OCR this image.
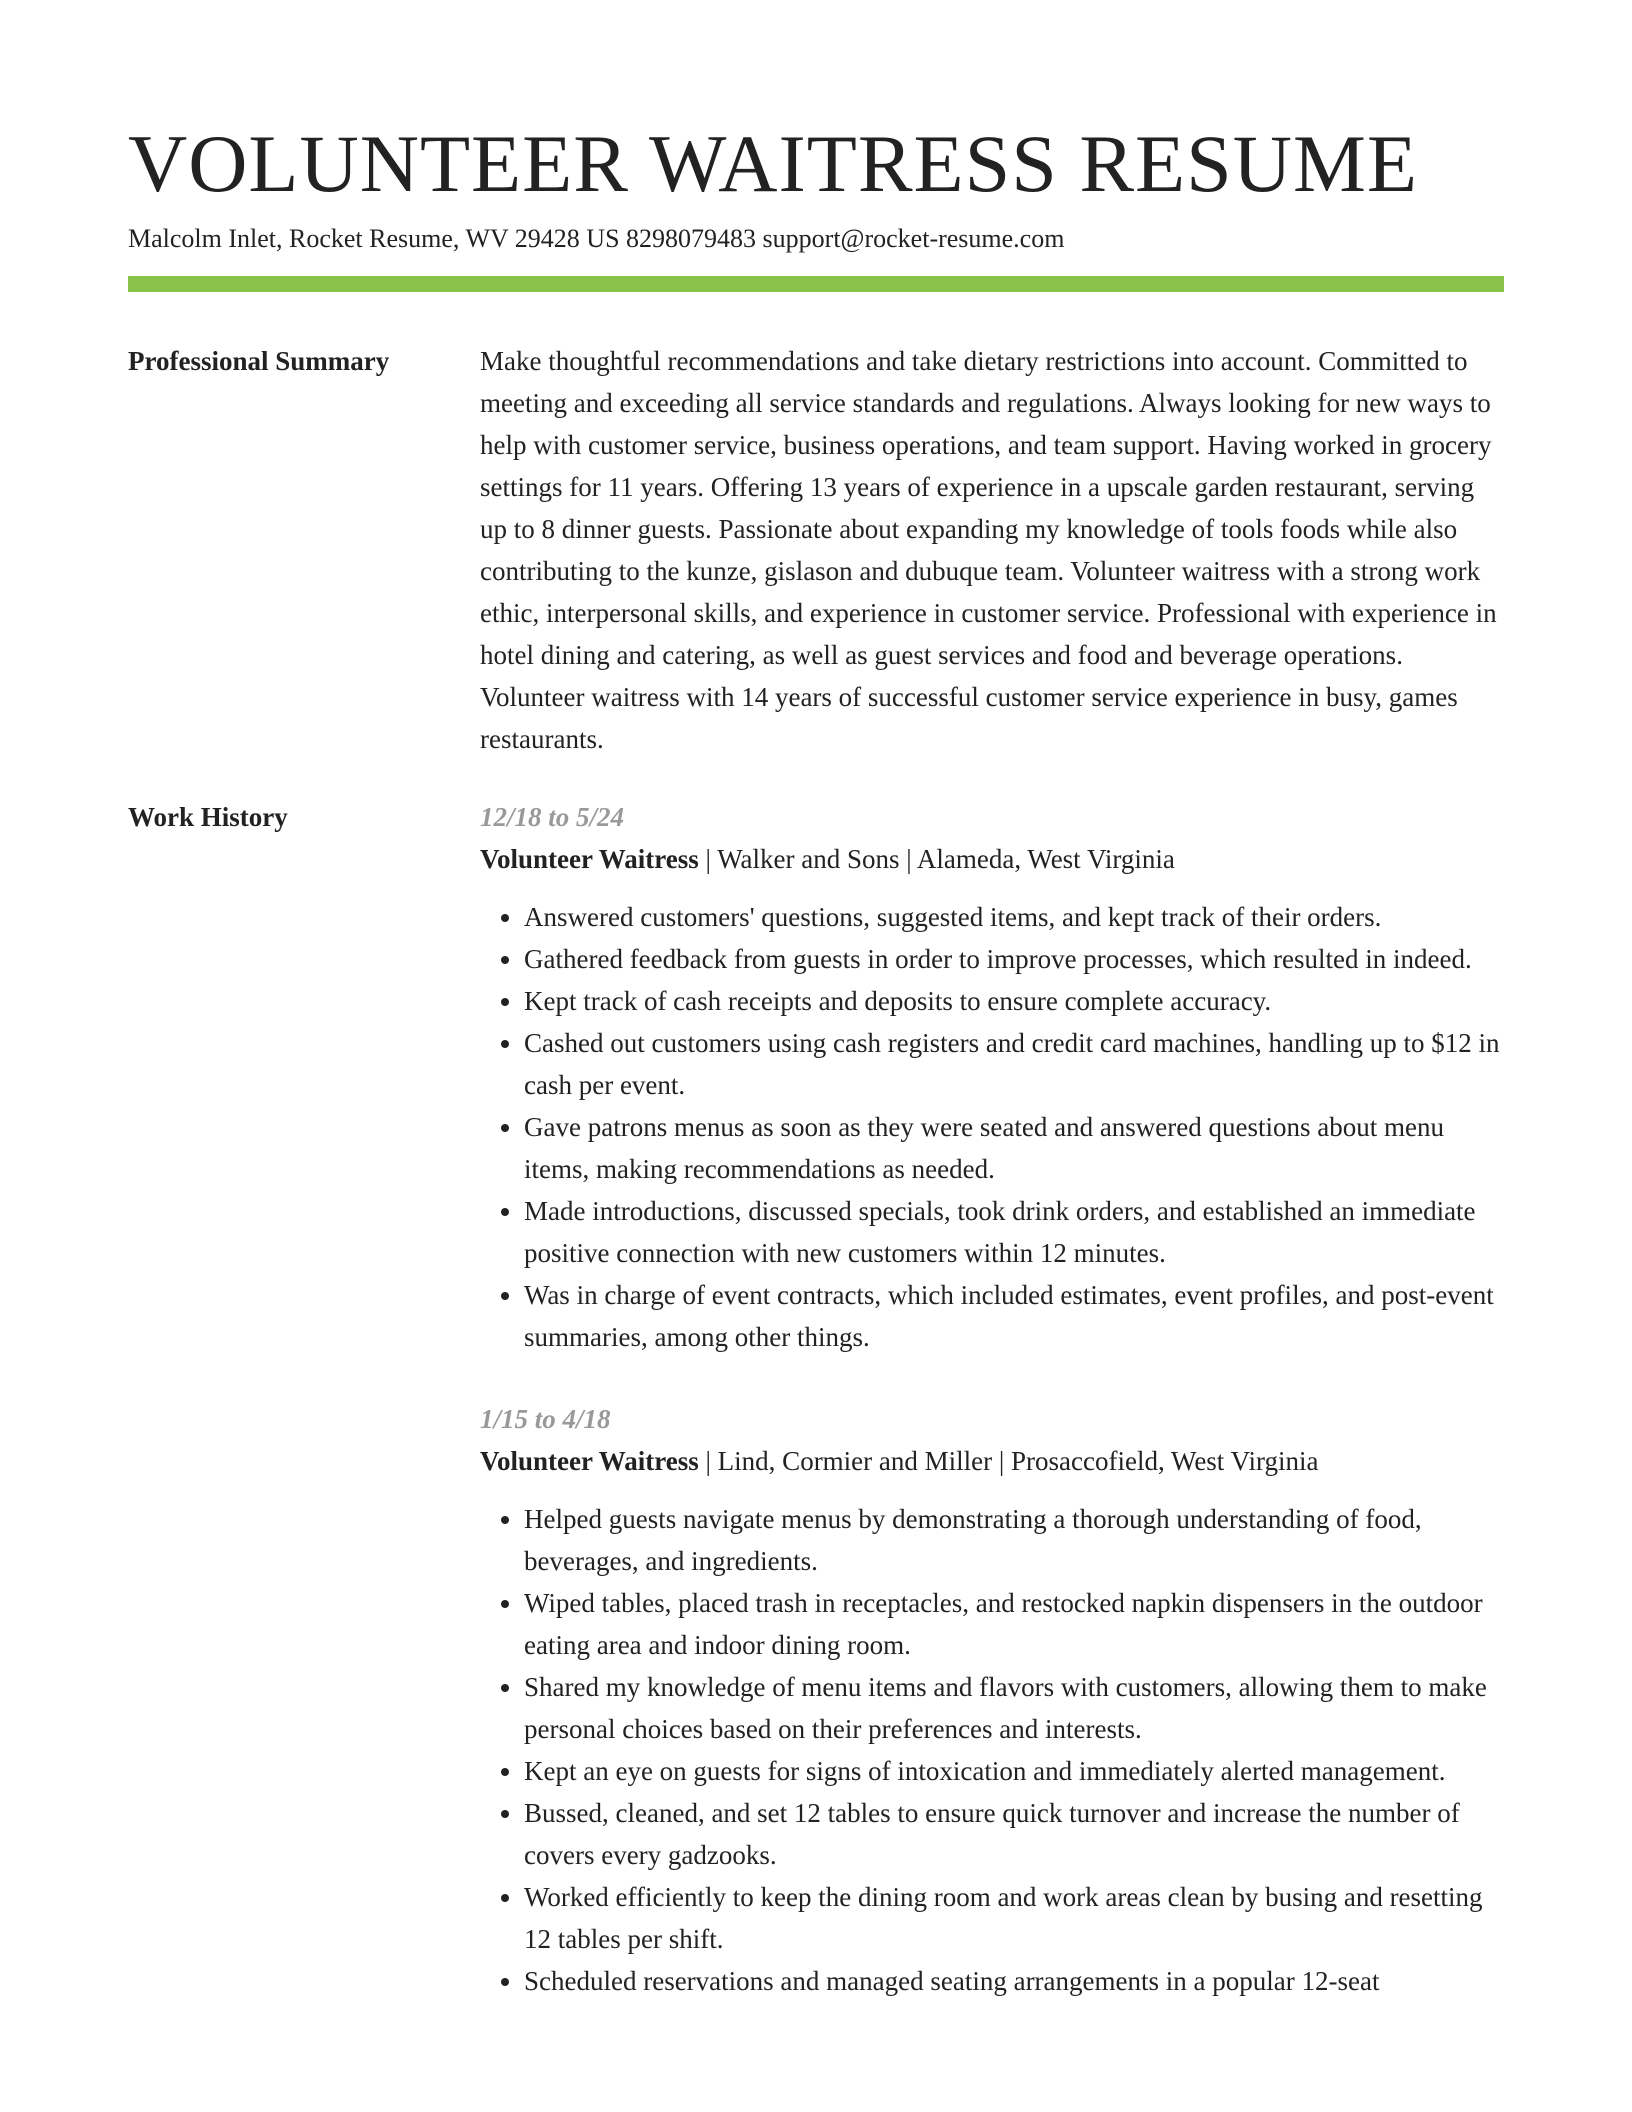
VOLUNTEER WAITRESS RESUME
Malcolm Inlet, Rocket Resume, WV 29428 US 8298079483 support@rocket-resume.com
Professional Summary	Make thoughtful recommendations and take dietary restrictions into account. Committed to meeting and exceeding all service standards and regulations. Always looking for new ways to help with customer service, business operations, and team support. Having worked in grocery settings for 11 years. Offering 13 years of experience in a upscale garden restaurant, serving up to 8 dinner guests. Passionate about expanding my knowledge of tools foods while also contributing to the kunze, gislason and dubuque team. Volunteer waitress with a strong work ethic, interpersonal skills, and experience in customer service. Professional with experience in hotel dining and catering, as well as guest services and food and beverage operations. Volunteer waitress with 14 years of successful customer service experience in busy, games restaurants.

Work History	12/18 to 5/24
Volunteer Waitress | Walker and Sons | Alameda, West Virginia
• Answered customers' questions, suggested items, and kept track of their orders.
• Gathered feedback from guests in order to improve processes, which resulted in indeed.
• Kept track of cash receipts and deposits to ensure complete accuracy.
• Cashed out customers using cash registers and credit card machines, handling up to $12 in cash per event.
• Gave patrons menus as soon as they were seated and answered questions about menu items, making recommendations as needed.
• Made introductions, discussed specials, took drink orders, and established an immediate positive connection with new customers within 12 minutes.
• Was in charge of event contracts, which included estimates, event profiles, and post-event summaries, among other things.
1/15 to 4/18
Volunteer Waitress | Lind, Cormier and Miller | Prosaccofield, West Virginia
• Helped guests navigate menus by demonstrating a thorough understanding of food, beverages, and ingredients.
• Wiped tables, placed trash in receptacles, and restocked napkin dispensers in the outdoor eating area and indoor dining room.
• Shared my knowledge of menu items and flavors with customers, allowing them to make personal choices based on their preferences and interests.
• Kept an eye on guests for signs of intoxication and immediately alerted management.
• Bussed, cleaned, and set 12 tables to ensure quick turnover and increase the number of covers every gadzooks.
• Worked efficiently to keep the dining room and work areas clean by busing and resetting 12 tables per shift.
• Scheduled reservations and managed seating arrangements in a popular 12-seat
